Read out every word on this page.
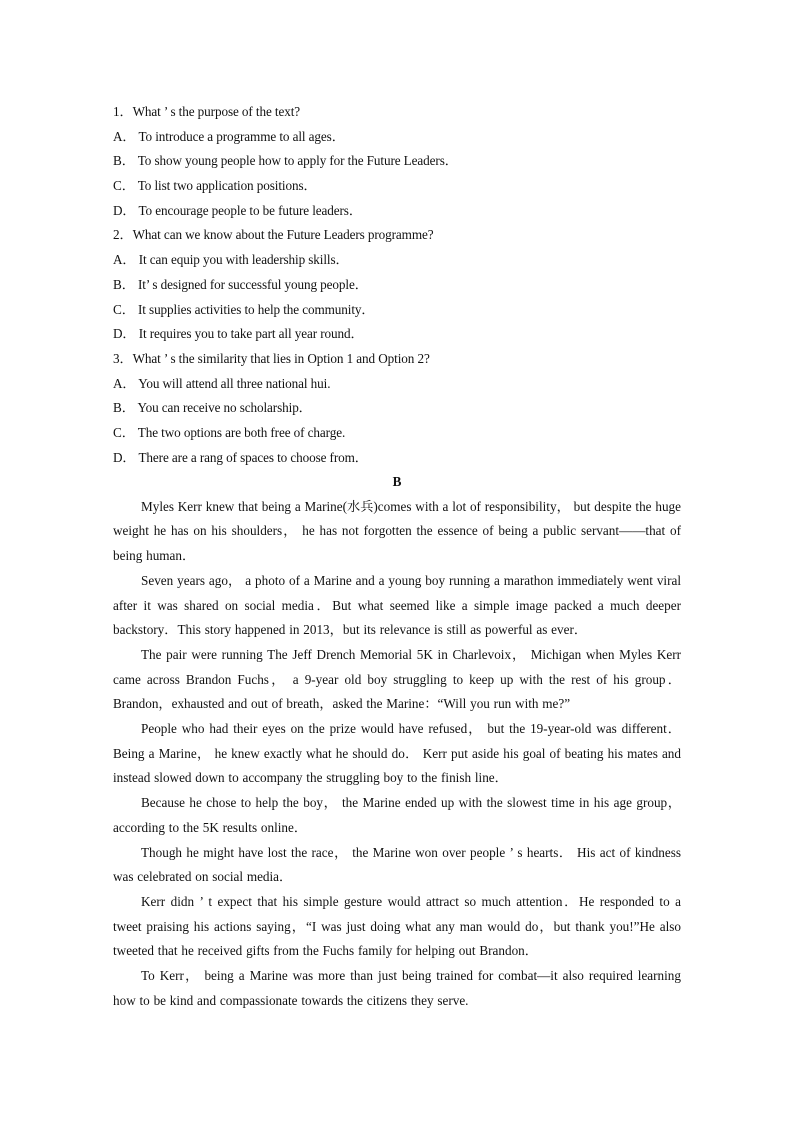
1．What ’ s the purpose of the text?
A． To introduce a programme to all ages．
B． To show young people how to apply for the Future Leaders．
C． To list two application positions．
D． To encourage people to be future leaders．
2．What can we know about the Future Leaders programme?
A． It can equip you with leadership skills．
B． It’ s designed for successful young people．
C． It supplies activities to help the community．
D． It requires you to take part all year round．
3．What ’ s the similarity that lies in Option 1 and Option 2?
A． You will attend all three national hui.
B． You can receive no scholarship．
C． The two options are both free of charge.
D． There are a rang of spaces to choose from．
B

Myles Kerr knew that being a Marine(水兵)comes with a lot of responsibility， but despite the huge weight he has on his shoulders， he has not forgotten the essence of being a public servant——that of being human．

Seven years ago， a photo of a Marine and a young boy running a marathon immediately went viral after it was shared on social media．But what seemed like a simple image packed a much deeper backstory．This story happened in 2013，but its relevance is still as powerful as ever．

The pair were running The Jeff Drench Memorial 5K in Charlevoix， Michigan when Myles Kerr came across Brandon Fuchs， a 9-year old boy struggling to keep up with the rest of his group．Brandon，exhausted and out of breath，asked the Marine：“Will you run with me?”

People who had their eyes on the prize would have refused， but the 19-year-old was different． Being a Marine， he knew exactly what he should do． Kerr put aside his goal of beating his mates and instead slowed down to accompany the struggling boy to the finish line．

Because he chose to help the boy， the Marine ended up with the slowest time in his age group，according to the 5K results online．

Though he might have lost the race， the Marine won over people ’ s hearts． His act of kindness was celebrated on social media．

Kerr didn ’ t expect that his simple gesture would attract so much attention．He responded to a tweet praising his actions saying，“I was just doing what any man would do，but thank you!”He also tweeted that he received gifts from the Fuchs family for helping out Brandon．

To Kerr， being a Marine was more than just being trained for combat—it also required learning how to be kind and compassionate towards the citizens they serve.
